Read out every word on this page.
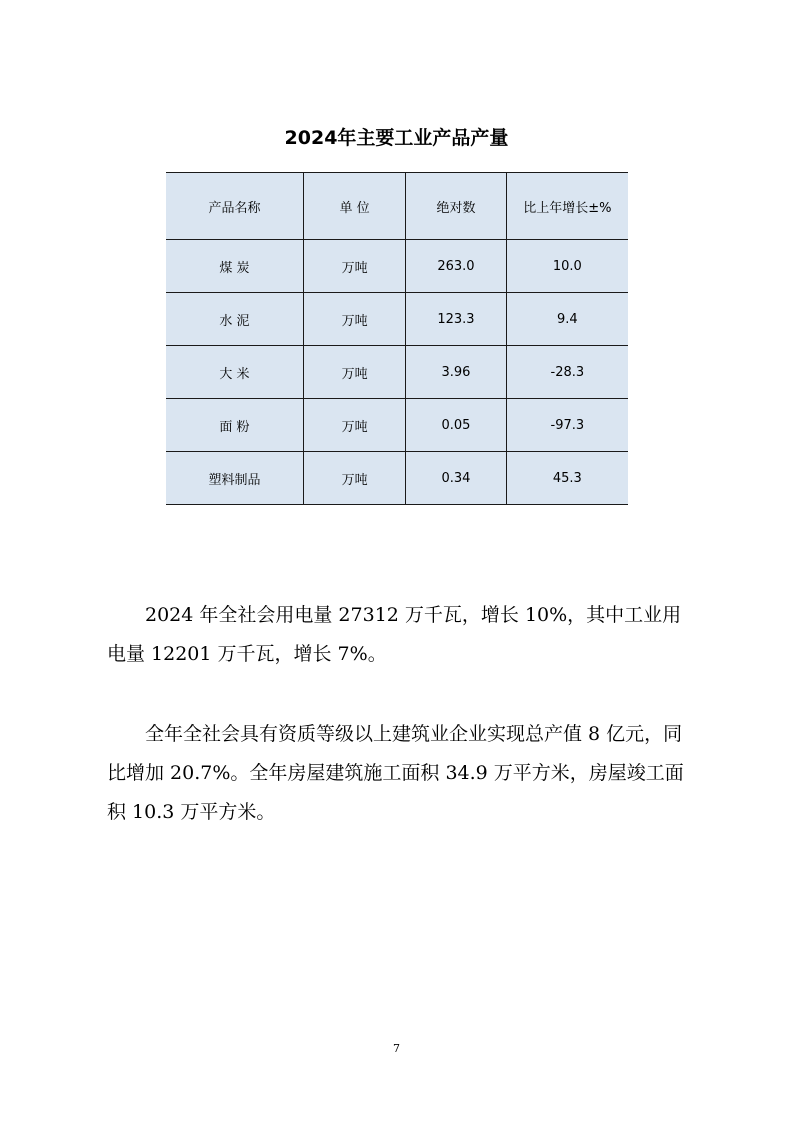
2024年主要工业产品产量
产品名称	单 位	绝对数	比上年增长±%
煤 炭	万吨	263.0	10.0
水 泥	万吨	123.3	9.4
大 米	万吨	3.96	-28.3
面 粉	万吨	0.05	-97.3
塑料制品	万吨	0.34	45.3

2024 年全社会用电量 27312 万千瓦，增长 10%，其中工业用电量 12201 万千瓦，增长 7%。

全年全社会具有资质等级以上建筑业企业实现总产值 8 亿元，同比增加 20.7%。全年房屋建筑施工面积 34.9 万平方米，房屋竣工面积 10.3 万平方米。

7
